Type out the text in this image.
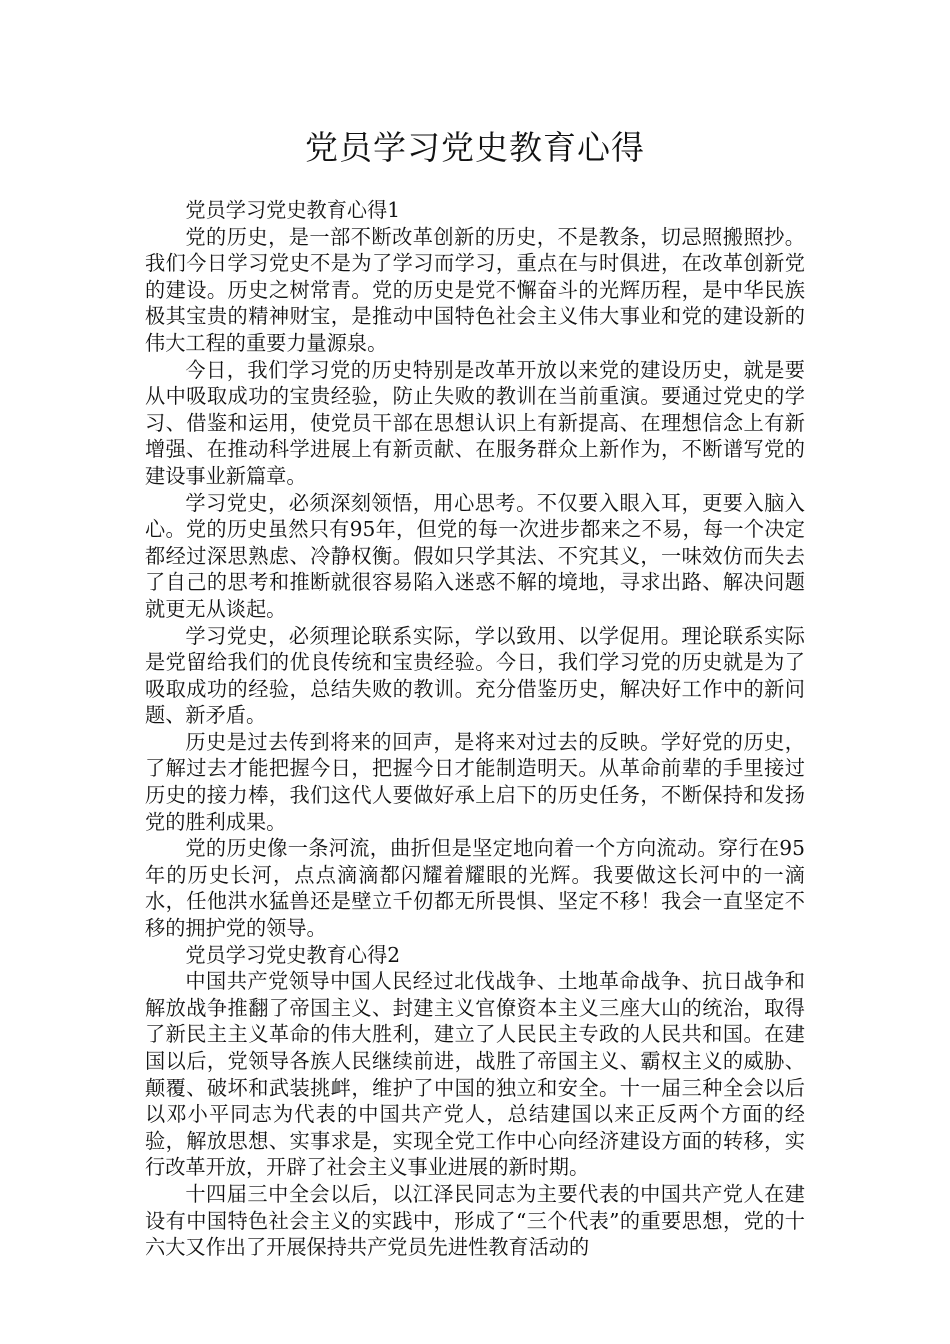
党员学习党史教育心得

党员学习党史教育心得1

党的历史，是一部不断改革创新的历史，不是教条，切忌照搬照抄。我们今日学习党史不是为了学习而学习，重点在与时俱进，在改革创新党的建设。历史之树常青。党的历史是党不懈奋斗的光辉历程，是中华民族极其宝贵的精神财宝，是推动中国特色社会主义伟大事业和党的建设新的伟大工程的重要力量源泉。

今日，我们学习党的历史特别是改革开放以来党的建设历史，就是要从中吸取成功的宝贵经验，防止失败的教训在当前重演。要通过党史的学习、借鉴和运用，使党员干部在思想认识上有新提高、在理想信念上有新增强、在推动科学进展上有新贡献、在服务群众上新作为，不断谱写党的建设事业新篇章。

学习党史，必须深刻领悟，用心思考。不仅要入眼入耳，更要入脑入心。党的历史虽然只有95年，但党的每一次进步都来之不易，每一个决定都经过深思熟虑、冷静权衡。假如只学其法、不究其义，一味效仿而失去了自己的思考和推断就很容易陷入迷惑不解的境地，寻求出路、解决问题就更无从谈起。

学习党史，必须理论联系实际，学以致用、以学促用。理论联系实际是党留给我们的优良传统和宝贵经验。今日，我们学习党的历史就是为了吸取成功的经验，总结失败的教训。充分借鉴历史，解决好工作中的新问题、新矛盾。

历史是过去传到将来的回声，是将来对过去的反映。学好党的历史，了解过去才能把握今日，把握今日才能制造明天。从革命前辈的手里接过历史的接力棒，我们这代人要做好承上启下的历史任务，不断保持和发扬党的胜利成果。

党的历史像一条河流，曲折但是坚定地向着一个方向流动。穿行在95年的历史长河，点点滴滴都闪耀着耀眼的光辉。我要做这长河中的一滴水，任他洪水猛兽还是壁立千仞都无所畏惧、坚定不移！我会一直坚定不移的拥护党的领导。

党员学习党史教育心得2

中国共产党领导中国人民经过北伐战争、土地革命战争、抗日战争和解放战争推翻了帝国主义、封建主义官僚资本主义三座大山的统治，取得了新民主主义革命的伟大胜利，建立了人民民主专政的人民共和国。在建国以后，党领导各族人民继续前进，战胜了帝国主义、霸权主义的威胁、颠覆、破坏和武装挑衅，维护了中国的独立和安全。十一届三种全会以后以邓小平同志为代表的中国共产党人，总结建国以来正反两个方面的经验，解放思想、实事求是，实现全党工作中心向经济建设方面的转移，实行改革开放，开辟了社会主义事业进展的新时期。

十四届三中全会以后，以江泽民同志为主要代表的中国共产党人在建设有中国特色社会主义的实践中，形成了“三个代表”的重要思想，党的十六大又作出了开展保持共产党员先进性教育活动的
